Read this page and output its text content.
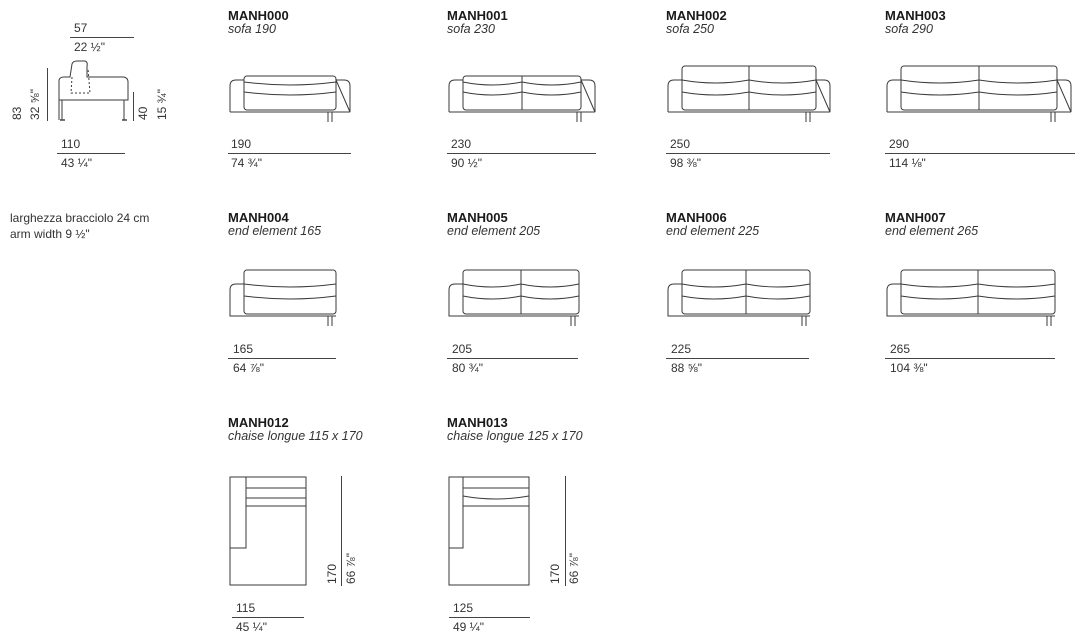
57
22 ½"
83 32 ⅝"	40 15 ¾"
110
43 ¼"
larghezza bracciolo 24 cm
arm width 9 ½"
MANH000
sofa 190
190
74 ¾"
MANH001
sofa 230
230
90 ½"
MANH002
sofa 250
250
98 ⅜"
MANH003
sofa 290
290
114 ⅛"
MANH004
end element 165
165
64 ⅞"
MANH005
end element 205
205
80 ¾"
MANH006
end element 225
225
88 ⅝"
MANH007
end element 265
265
104 ⅜"
MANH012
chaise longue 115 x 170
170 66 ⅞"
115
45 ¼"
MANH013
chaise longue 125 x 170
170 66 ⅞"
125
49 ¼"
